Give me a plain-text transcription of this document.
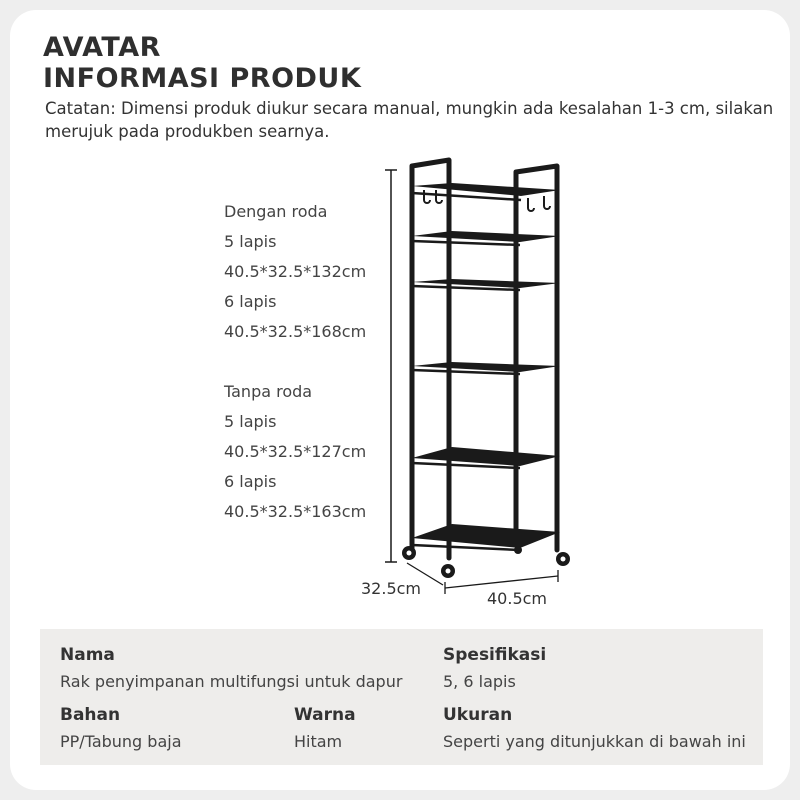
AVATAR
INFORMASI PRODUK
Catatan: Dimensi produk diukur secara manual, mungkin ada kesalahan 1-3 cm, silakan merujuk pada produkben searnya.
Dengan roda
5 lapis
40.5*32.5*132cm
6 lapis
40.5*32.5*168cm
Tanpa roda
5 lapis
40.5*32.5*127cm
6 lapis
40.5*32.5*163cm
32.5cm
40.5cm
Nama
Rak penyimpanan multifungsi untuk dapur
Spesifikasi
5, 6 lapis
Bahan
PP/Tabung baja
Warna
Hitam
Ukuran
Seperti yang ditunjukkan di bawah ini
